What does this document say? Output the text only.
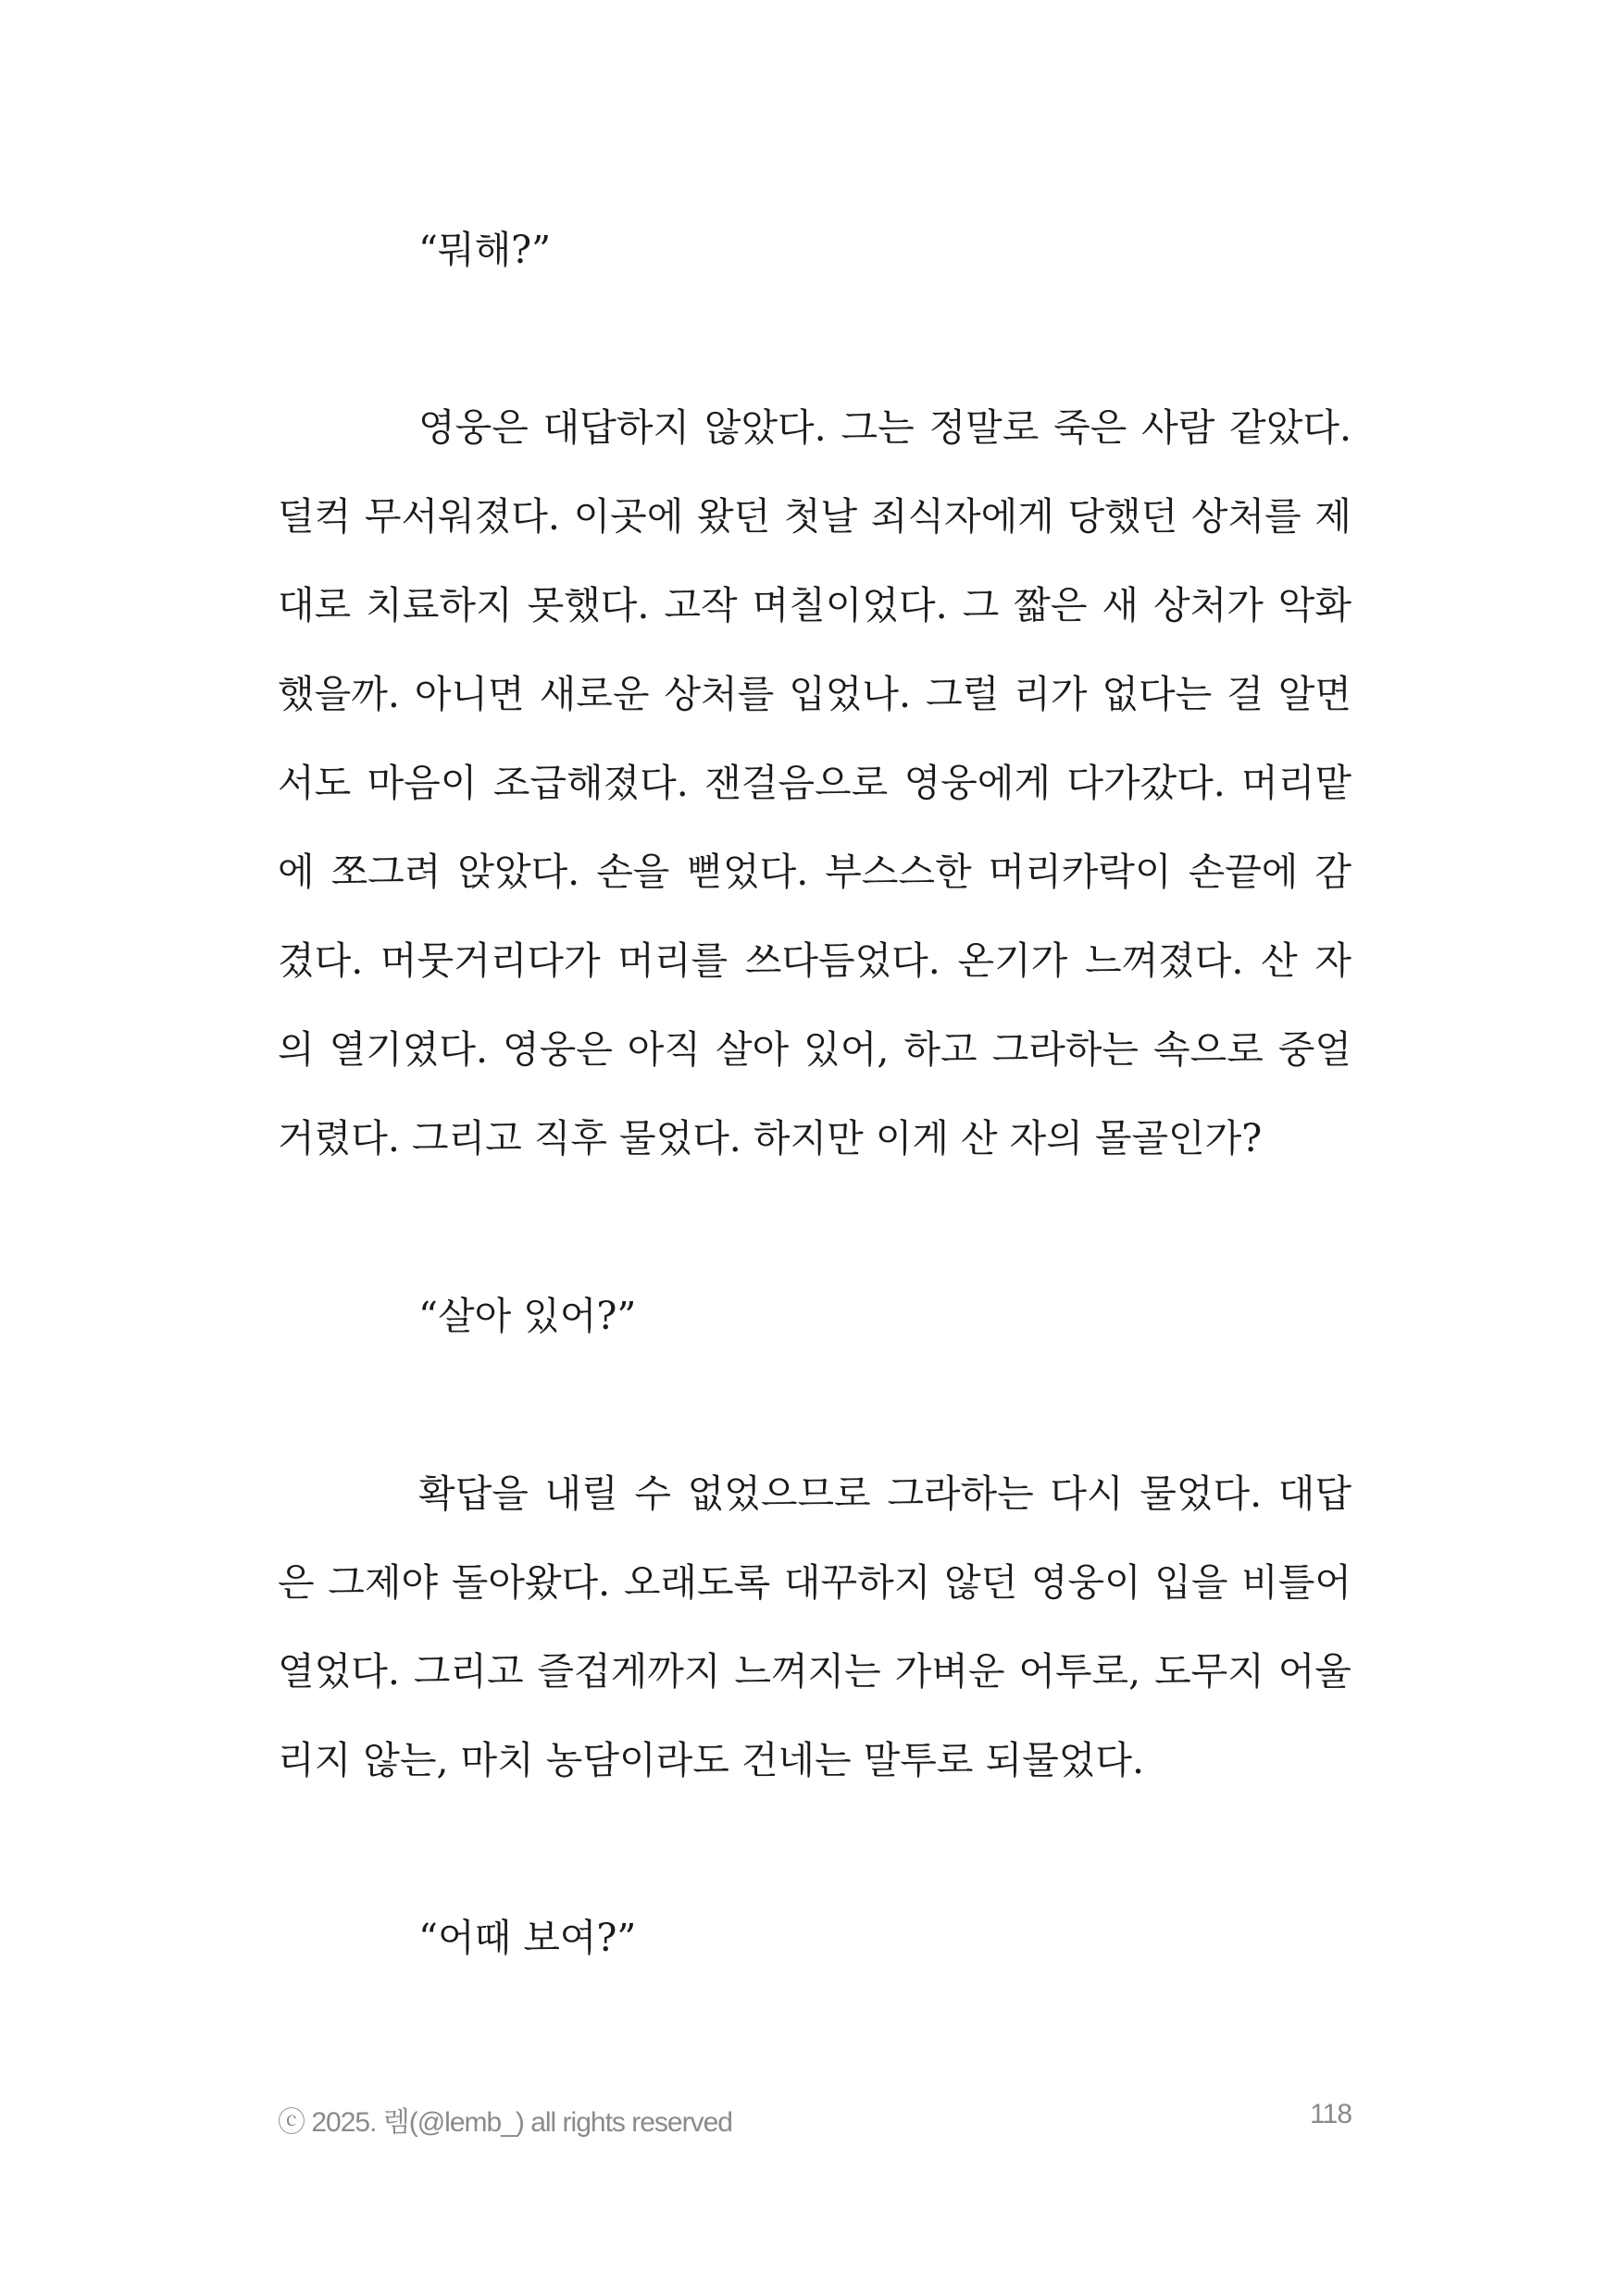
“뭐해?”

영웅은 대답하지 않았다. 그는 정말로 죽은 사람 같았다. 덜컥 무서워졌다. 이곳에 왔던 첫날 죄식자에게 당했던 상처를 제대로 치료하지 못했다. 고작 며칠이었다. 그 짧은 새 상처가 악화했을까. 아니면 새로운 상처를 입었나. 그럴 리가 없다는 걸 알면서도 마음이 조급해졌다. 잰걸음으로 영웅에게 다가갔다. 머리맡에 쪼그려 앉았다. 손을 뻗었다. 부스스한 머리카락이 손끝에 감겼다. 머뭇거리다가 머리를 쓰다듬었다. 온기가 느껴졌다. 산 자의 열기였다. 영웅은 아직 살아 있어, 하고 그라하는 속으로 중얼거렸다. 그리고 직후 물었다. 하지만 이게 산 자의 몰골인가?

“살아 있어?”

확답을 내릴 수 없었으므로 그라하는 다시 물었다. 대답은 그제야 돌아왔다. 오래도록 대꾸하지 않던 영웅이 입을 비틀어 열었다. 그리고 즐겁게까지 느껴지는 가벼운 어투로, 도무지 어울리지 않는, 마치 농담이라도 건네는 말투로 되물었다.

“어때 보여?”

ⓒ 2025. 렘(@lemb_) all rights reserved	118
